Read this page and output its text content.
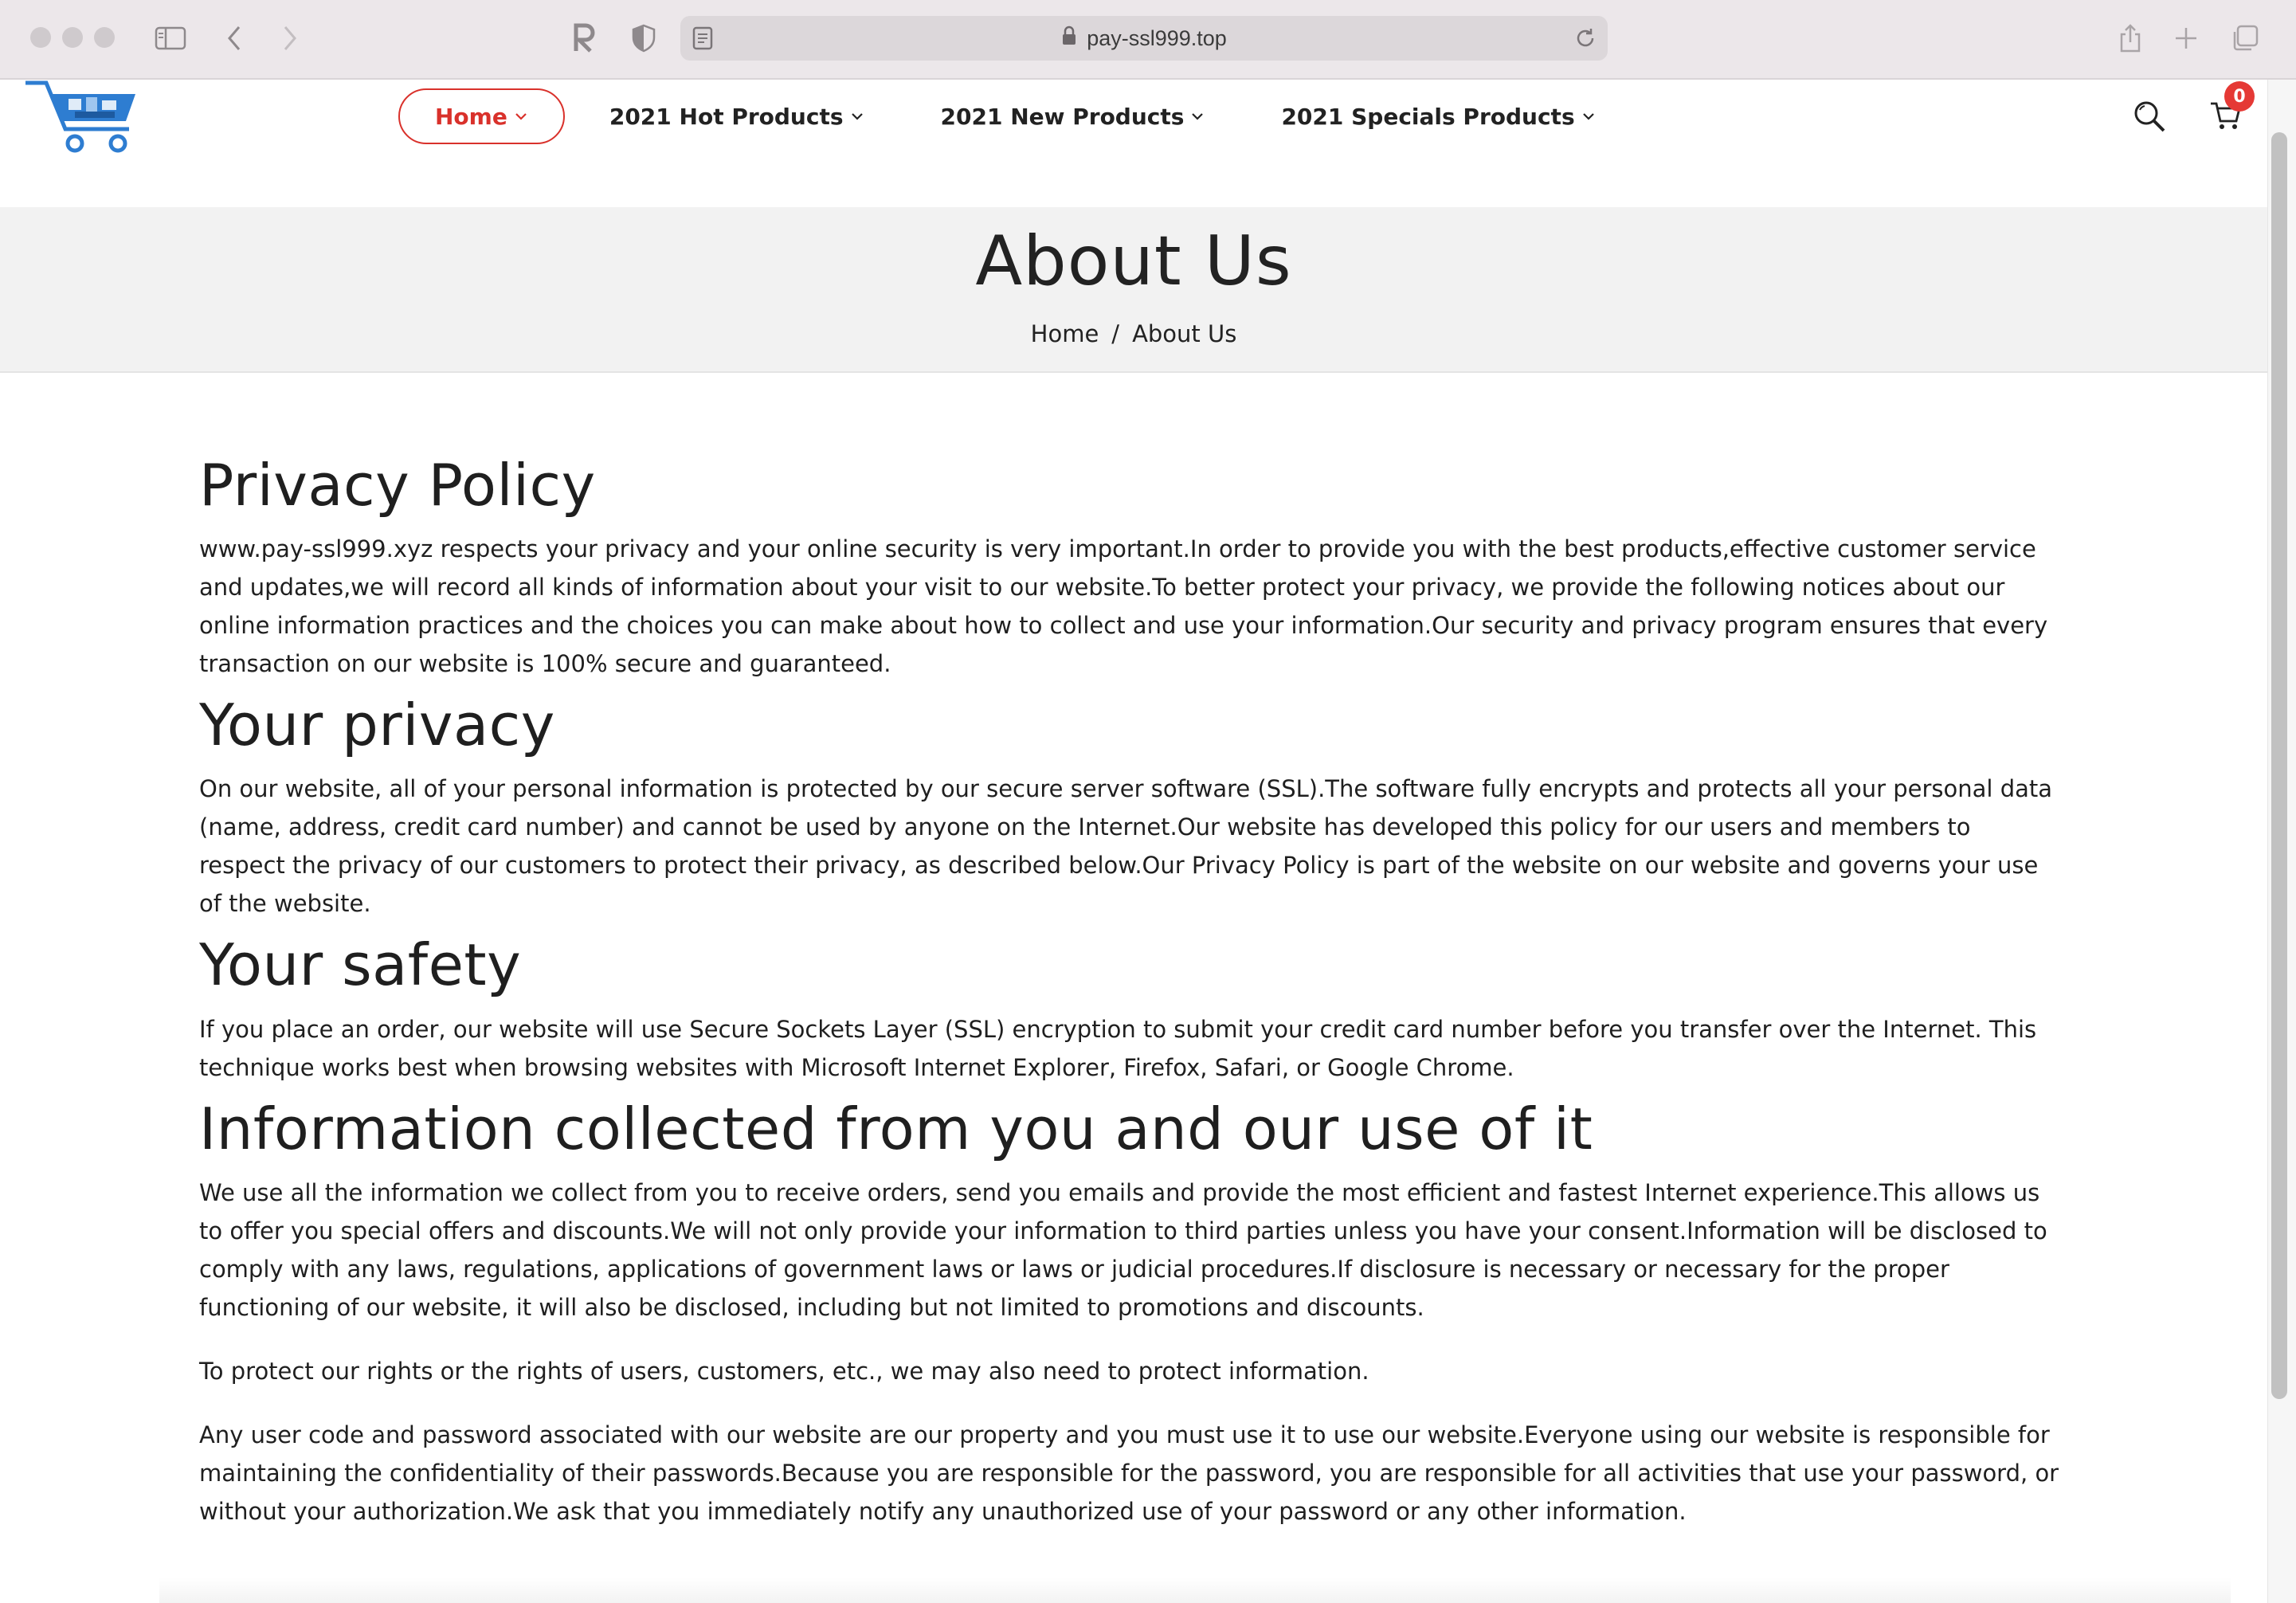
pay-ssl999.top
Home	2021 Hot Products	2021 New Products	2021 Specials Products
0
About Us
Home / About Us
Privacy Policy

www.pay-ssl999.xyz respects your privacy and your online security is very important.In order to provide you with the best products,effective customer service and updates,we will record all kinds of information about your visit to our website.To better protect your privacy, we provide the following notices about our online information practices and the choices you can make about how to collect and use your information.Our security and privacy program ensures that every transaction on our website is 100% secure and guaranteed.

Your privacy

On our website, all of your personal information is protected by our secure server software (SSL).The software fully encrypts and protects all your personal data (name, address, credit card number) and cannot be used by anyone on the Internet.Our website has developed this policy for our users and members to respect the privacy of our customers to protect their privacy, as described below.Our Privacy Policy is part of the website on our website and governs your use of the website.

Your safety

If you place an order, our website will use Secure Sockets Layer (SSL) encryption to submit your credit card number before you transfer over the Internet. This technique works best when browsing websites with Microsoft Internet Explorer, Firefox, Safari, or Google Chrome.

Information collected from you and our use of it

We use all the information we collect from you to receive orders, send you emails and provide the most efficient and fastest Internet experience.This allows us to offer you special offers and discounts.We will not only provide your information to third parties unless you have your consent.Information will be disclosed to comply with any laws, regulations, applications of government laws or laws or judicial procedures.If disclosure is necessary or necessary for the proper functioning of our website, it will also be disclosed, including but not limited to promotions and discounts.

To protect our rights or the rights of users, customers, etc., we may also need to protect information.

Any user code and password associated with our website are our property and you must use it to use our website.Everyone using our website is responsible for maintaining the confidentiality of their passwords.Because you are responsible for the password, you are responsible for all activities that use your password, or without your authorization.We ask that you immediately notify any unauthorized use of your password or any other information.
